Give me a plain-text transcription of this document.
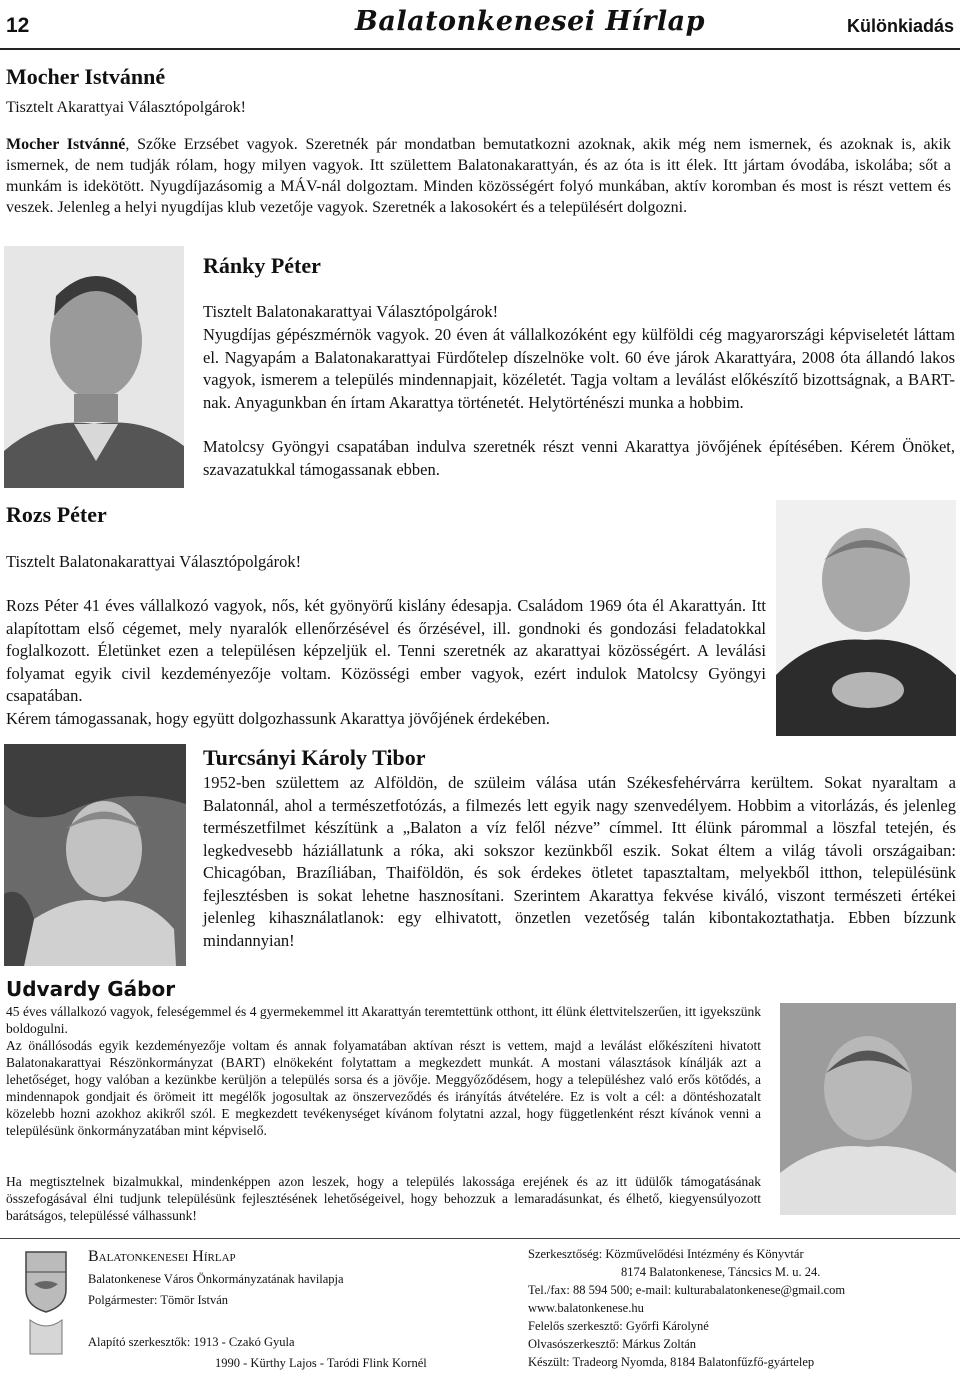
12	Balatonkenesei Hírlap	Különkiadás
Mocher Istvánné
Tisztelt Akarattyai Választópolgárok!

Mocher Istvánné, Szőke Erzsébet vagyok. Szeretnék pár mondatban bemutatkozni azoknak, akik még nem ismernek, és azoknak is, akik ismernek, de nem tudják rólam, hogy milyen vagyok. Itt születtem Balatonakarattyán, és az óta is itt élek. Itt jártam óvodába, iskolába; sőt a munkám is idekötött. Nyugdíjazásomig a MÁV-nál dolgoztam. Minden közösségért folyó munkában, aktív koromban és most is részt vettem és veszek. Jelenleg a helyi nyugdíjas klub vezetője vagyok. Szeretnék a lakosokért és a településért dolgozni.

Ránky Péter
Tisztelt Balatonakarattyai Választópolgárok!

Nyugdíjas gépészmérnök vagyok. 20 éven át vállalkozóként egy külföldi cég magyarországi képviseletét láttam el. Nagyapám a Balatonakarattyai Fürdőtelep díszelnöke volt. 60 éve járok Akarattyára, 2008 óta állandó lakos vagyok, ismerem a település mindennapjait, közéletét. Tagja voltam a leválást előkészítő bizottságnak, a BART-nak. Anyagunkban én írtam Akarattya történetét. Helytörténészi munka a hobbim.

Matolcsy Gyöngyi csapatában indulva szeretnék részt venni Akarattya jövőjének építésében. Kérem Önöket, szavazatukkal támogassanak ebben.

Rozs Péter
Tisztelt Balatonakarattyai Választópolgárok!

Rozs Péter 41 éves vállalkozó vagyok, nős, két gyönyörű kislány édesapja. Családom 1969 óta él Akarattyán. Itt alapítottam első cégemet, mely nyaralók ellenőrzésével és őrzésével, ill. gondnoki és gondozási feladatokkal foglalkozott. Életünket ezen a településen képzeljük el. Tenni szeretnék az akarattyai közösségért. A leválási folyamat egyik civil kezdeményezője voltam. Közösségi ember vagyok, ezért indulok Matolcsy Gyöngyi csapatában.

Kérem támogassanak, hogy együtt dolgozhassunk Akarattya jövőjének érdekében.

Turcsányi Károly Tibor

1952-ben születtem az Alföldön, de szüleim válása után Székesfehérvárra kerültem. Sokat nyaraltam a Balatonnál, ahol a természetfotózás, a filmezés lett egyik nagy szenvedélyem. Hobbim a vitorlázás, és jelenleg természetfilmet készítünk a „Balaton a víz felől nézve” címmel. Itt élünk párommal a löszfal tetején, és legkedvesebb háziállatunk a róka, aki sokszor kezünkből eszik. Sokat éltem a világ távoli országaiban: Chicagóban, Brazíliában, Thaiföldön, és sok érdekes ötletet tapasztaltam, melyekből itthon, településünk fejlesztésben is sokat lehetne hasznosítani. Szerintem Akarattya fekvése kiváló, viszont természeti értékei jelenleg kihasználatlanok: egy elhivatott, önzetlen vezetőség talán kibontakoztathatja. Ebben bízzunk mindannyian!

Udvardy Gábor

45 éves vállalkozó vagyok, feleségemmel és 4 gyermekemmel itt Akarattyán teremtettünk otthont, itt élünk élettvitelszerűen, itt igyekszünk boldogulni.

Az önállósodás egyik kezdeményezője voltam és annak folyamatában aktívan részt is vettem, majd a leválást előkészíteni hivatott Balatonakarattyai Részönkormányzat (BART) elnökeként folytattam a megkezdett munkát. A mostani választások kínálják azt a lehetőséget, hogy valóban a kezünkbe kerüljön a település sorsa és a jövője. Meggyőződésem, hogy a településhez való erős kötődés, a mindennapok gondjait és örömeit itt megélők jogosultak az önszerveződés és irányítás átvételére. Ez is volt a cél: a döntéshozatalt közelebb hozni azokhoz akikről szól. E megkezdett tevékenységet kívánom folytatni azzal, hogy függetlenként részt kívánok venni a településünk önkormányzatában mint képviselő.

Ha megtisztelnek bizalmukkal, mindenképpen azon leszek, hogy a település lakossága erejének és az itt üdülők támogatásának összefogásával élni tudjunk településünk fejlesztésének lehetőségeivel, hogy behozzuk a lemaradásunkat, és élhető, kiegyensúlyozott barátságos, településsé válhassunk!

Balatonkenesei Hírlap
Balatonkenese Város Önkormányzatának havilapja
Polgármester: Tömör István
Alapító szerkesztők: 1913 - Czakó Gyula
1990 - Kürthy Lajos - Taródi Flink Kornél
Szerkesztőség: Közművelődési Intézmény és Könyvtár
8174 Balatonkenese, Táncsics M. u. 24.
Tel./fax: 88 594 500; e-mail: kulturabalatonkenese@gmail.com
www.balatonkenese.hu
Felelős szerkesztő: Győrfi Károlyné
Olvasószerkesztő: Márkus Zoltán
Készült: Tradeorg Nyomda, 8184 Balatonfűzfő-gyártelep
